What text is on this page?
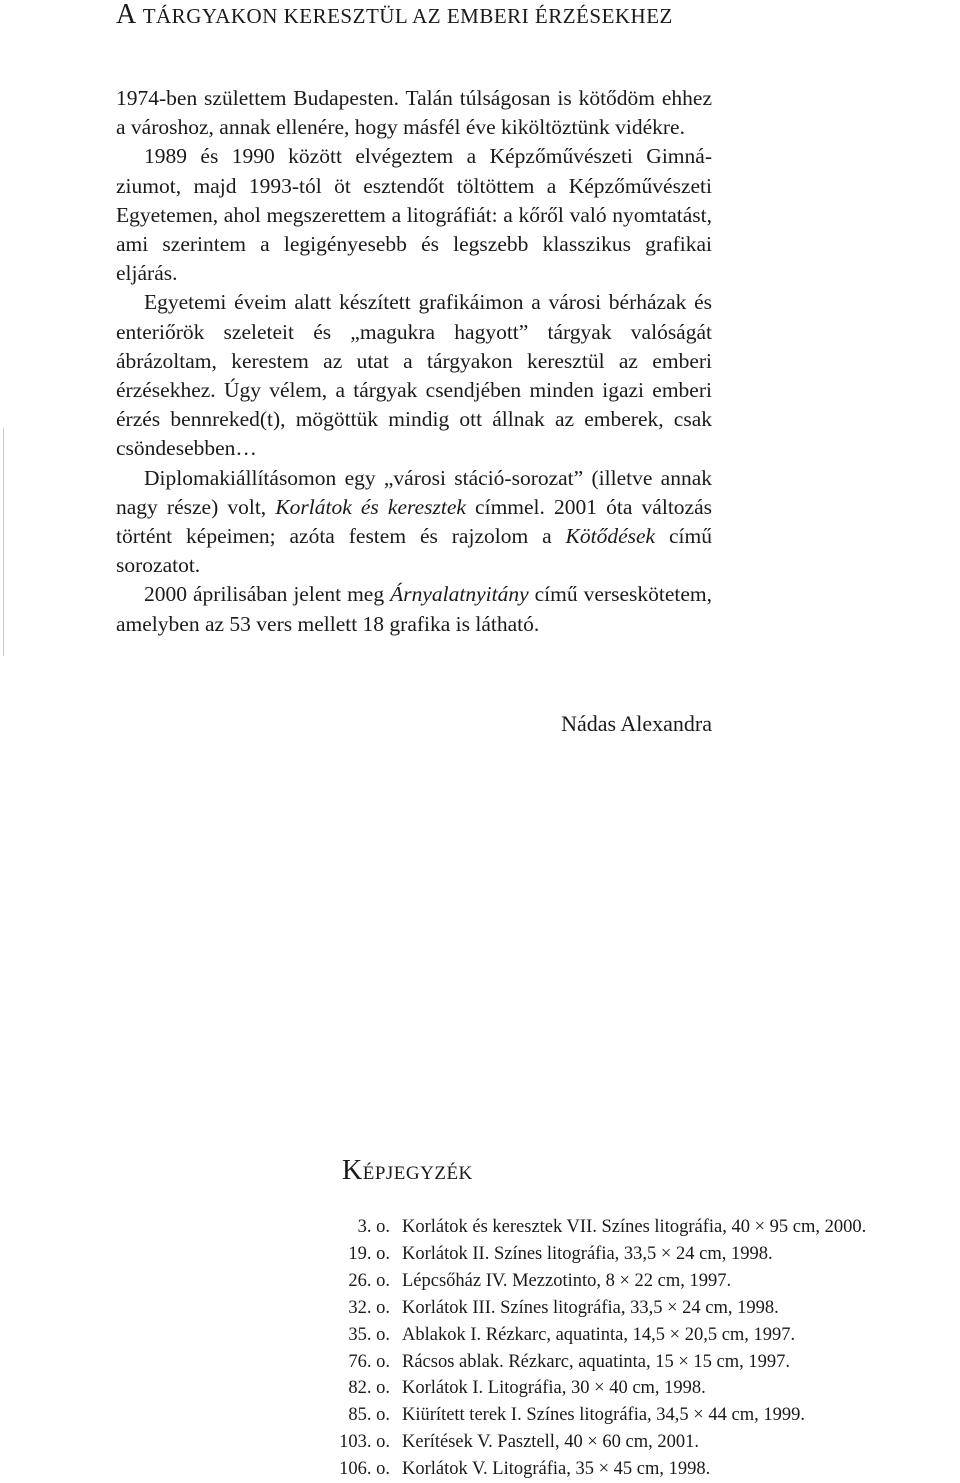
A TÁRGYAKON KERESZTÜL AZ EMBERI ÉRZÉSEKHEZ

1974-ben születtem Budapesten. Talán túlságosan is kötődöm ehhez a városhoz, annak ellenére, hogy másfél éve kiköltöztünk vidékre.

1989 és 1990 között elvégeztem a Képzőművészeti Gimnáziumot, majd 1993-tól öt esztendőt töltöttem a Képzőművészeti Egyetemen, ahol megszerettem a litográfiát: a kőről való nyomtatást, ami szerintem a legigényesebb és legszebb klasszikus grafikai eljárás.

Egyetemi éveim alatt készített grafikáimon a városi bérházak és enteriőrök szeleteit és „magukra hagyott” tárgyak valóságát ábrázoltam, kerestem az utat a tárgyakon keresztül az emberi érzésekhez. Úgy vélem, a tárgyak csendjében minden igazi emberi érzés bennreked(t), mögöttük mindig ott állnak az emberek, csak csöndesebben…

Diplomakiállításomon egy „városi stáció-sorozat” (illetve annak nagy része) volt, Korlátok és keresztek címmel. 2001 óta változás történt képeimen; azóta festem és rajzolom a Kötődések című sorozatot.

2000 áprilisában jelent meg Árnyalatnyitány című verseskötetem, amelyben az 53 vers mellett 18 grafika is látható.

Nádas Alexandra
KÉPJEGYZÉK
3. o. Korlátok és keresztek VII. Színes litográfia, 40 × 95 cm, 2000.
19. o. Korlátok II. Színes litográfia, 33,5 × 24 cm, 1998.
26. o. Lépcsőház IV. Mezzotinto, 8 × 22 cm, 1997.
32. o. Korlátok III. Színes litográfia, 33,5 × 24 cm, 1998.
35. o. Ablakok I. Rézkarc, aquatinta, 14,5 × 20,5 cm, 1997.
76. o. Rácsos ablak. Rézkarc, aquatinta, 15 × 15 cm, 1997.
82. o. Korlátok I. Litográfia, 30 × 40 cm, 1998.
85. o. Kiürített terek I. Színes litográfia, 34,5 × 44 cm, 1999.
103. o. Kerítések V. Pasztell, 40 × 60 cm, 2001.
106. o. Korlátok V. Litográfia, 35 × 45 cm, 1998.
